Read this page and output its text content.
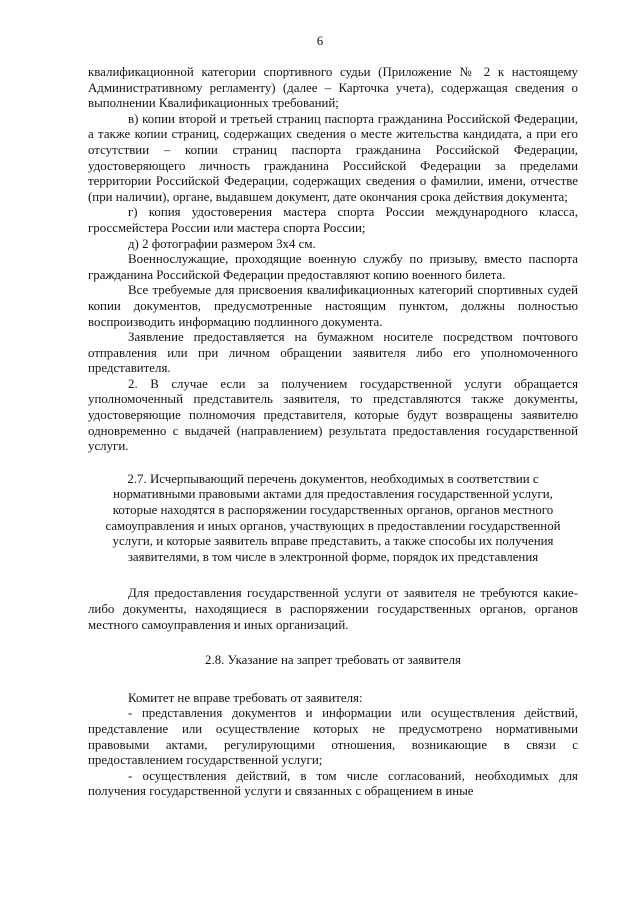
6

квалификационной категории спортивного судьи (Приложение № 2 к настоящему Административному регламенту) (далее – Карточка учета), содержащая сведения о выполнении Квалификационных требований;

в) копии второй и третьей страниц паспорта гражданина Российской Федерации, а также копии страниц, содержащих сведения о месте жительства кандидата, а при его отсутствии – копии страниц паспорта гражданина Российской Федерации, удостоверяющего личность гражданина Российской Федерации за пределами территории Российской Федерации, содержащих сведения о фамилии, имени, отчестве (при наличии), органе, выдавшем документ, дате окончания срока действия документа;

г) копия удостоверения мастера спорта России международного класса, гроссмейстера России или мастера спорта России;

д) 2 фотографии размером 3х4 см.

Военнослужащие, проходящие военную службу по призыву, вместо паспорта гражданина Российской Федерации предоставляют копию военного билета.

Все требуемые для присвоения квалификационных категорий спортивных судей копии документов, предусмотренные настоящим пунктом, должны полностью воспроизводить информацию подлинного документа.

Заявление предоставляется на бумажном носителе посредством почтового отправления или при личном обращении заявителя либо его уполномоченного представителя.

2. В случае если за получением государственной услуги обращается уполномоченный представитель заявителя, то представляются также документы, удостоверяющие полномочия представителя, которые будут возвращены заявителю одновременно с выдачей (направлением) результата предоставления государственной услуги.

2.7. Исчерпывающий перечень документов, необходимых в соответствии с нормативными правовыми актами для предоставления государственной услуги, которые находятся в распоряжении государственных органов, органов местного самоуправления и иных органов, участвующих в предоставлении государственной услуги, и которые заявитель вправе представить, а также способы их получения заявителями, в том числе в электронной форме, порядок их представления

Для предоставления государственной услуги от заявителя не требуются какие-либо документы, находящиеся в распоряжении государственных органов, органов местного самоуправления и иных организаций.

2.8. Указание на запрет требовать от заявителя

Комитет не вправе требовать от заявителя:

- представления документов и информации или осуществления действий, представление или осуществление которых не предусмотрено нормативными правовыми актами, регулирующими отношения, возникающие в связи с предоставлением государственной услуги;

- осуществления действий, в том числе согласований, необходимых для получения государственной услуги и связанных с обращением в иные
